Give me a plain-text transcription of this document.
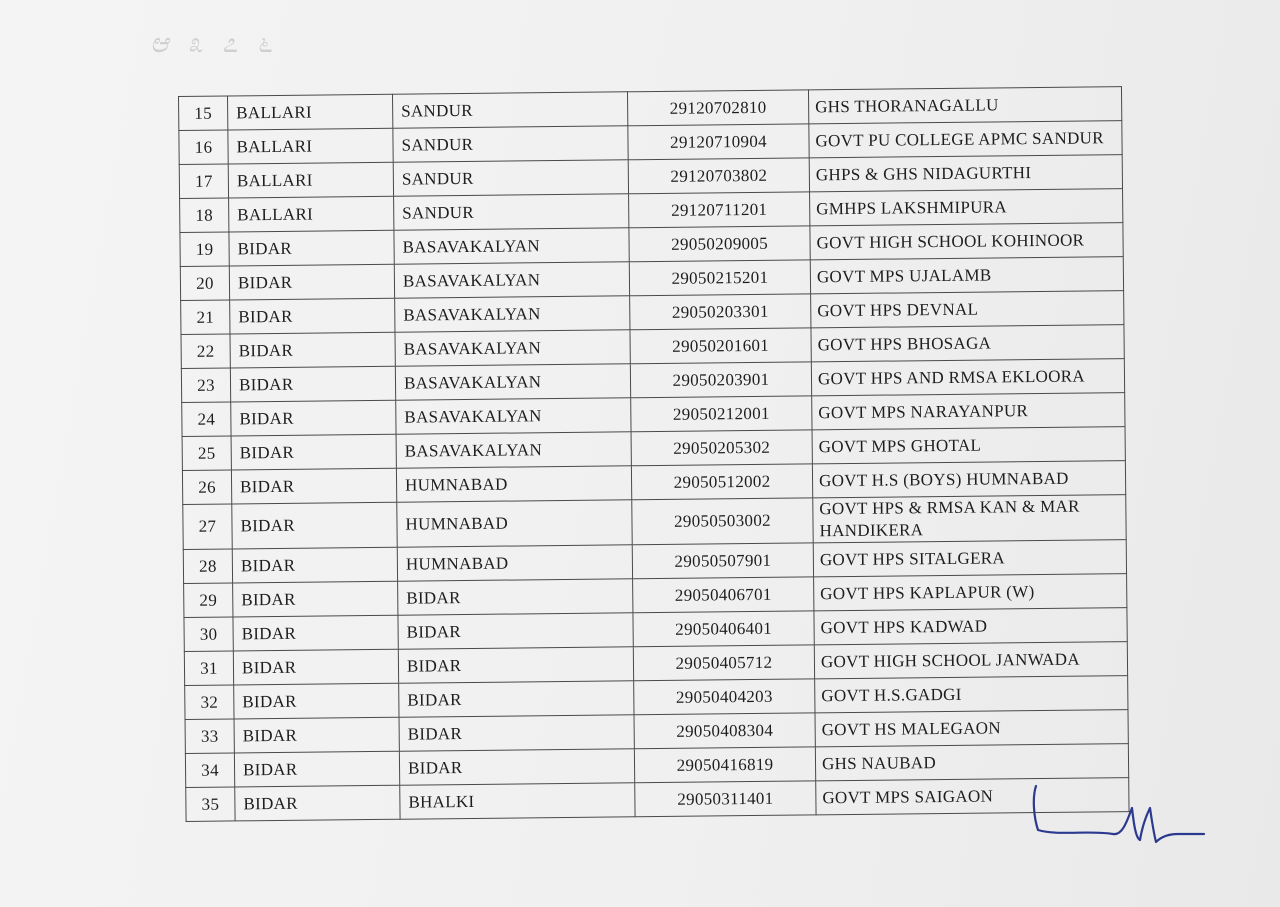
ಆ ೩ ೭ ೬
15	BALLARI	SANDUR	29120702810	GHS THORANAGALLU
16	BALLARI	SANDUR	29120710904	GOVT PU COLLEGE APMC SANDUR
17	BALLARI	SANDUR	29120703802	GHPS & GHS NIDAGURTHI
18	BALLARI	SANDUR	29120711201	GMHPS LAKSHMIPURA
19	BIDAR	BASAVAKALYAN	29050209005	GOVT HIGH SCHOOL KOHINOOR
20	BIDAR	BASAVAKALYAN	29050215201	GOVT MPS UJALAMB
21	BIDAR	BASAVAKALYAN	29050203301	GOVT HPS DEVNAL
22	BIDAR	BASAVAKALYAN	29050201601	GOVT HPS BHOSAGA
23	BIDAR	BASAVAKALYAN	29050203901	GOVT HPS AND RMSA EKLOORA
24	BIDAR	BASAVAKALYAN	29050212001	GOVT MPS NARAYANPUR
25	BIDAR	BASAVAKALYAN	29050205302	GOVT MPS GHOTAL
26	BIDAR	HUMNABAD	29050512002	GOVT H.S (BOYS) HUMNABAD
27	BIDAR	HUMNABAD	29050503002	GOVT HPS & RMSA KAN & MAR HANDIKERA
28	BIDAR	HUMNABAD	29050507901	GOVT HPS SITALGERA
29	BIDAR	BIDAR	29050406701	GOVT HPS KAPLAPUR (W)
30	BIDAR	BIDAR	29050406401	GOVT HPS KADWAD
31	BIDAR	BIDAR	29050405712	GOVT HIGH SCHOOL JANWADA
32	BIDAR	BIDAR	29050404203	GOVT H.S.GADGI
33	BIDAR	BIDAR	29050408304	GOVT HS MALEGAON
34	BIDAR	BIDAR	29050416819	GHS NAUBAD
35	BIDAR	BHALKI	29050311401	GOVT MPS SAIGAON
